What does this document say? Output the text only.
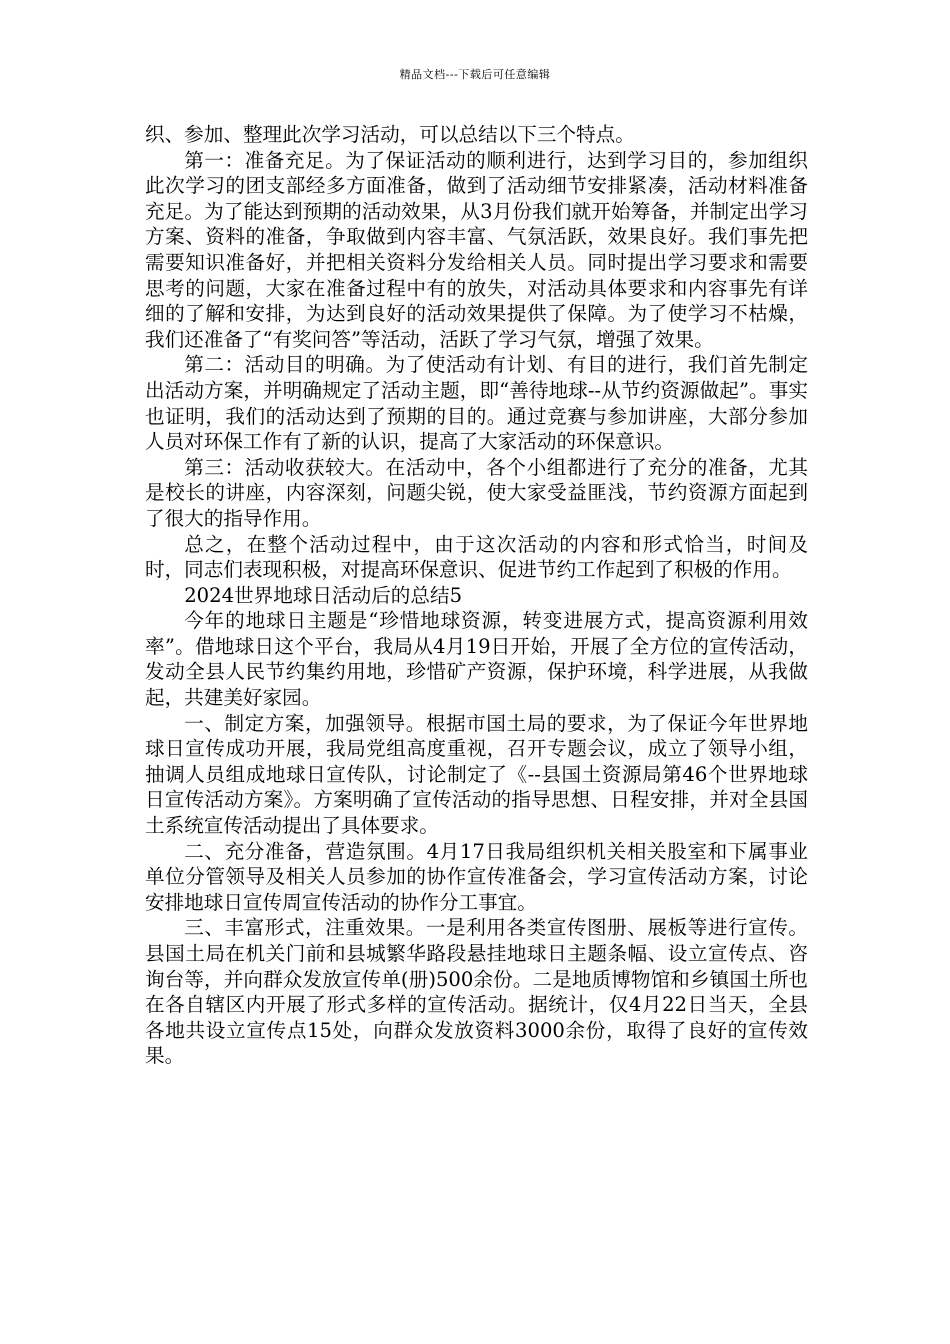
精品文档---下载后可任意编辑

织、参加、整理此次学习活动，可以总结以下三个特点。

第一：准备充足。为了保证活动的顺利进行，达到学习目的，参加组织此次学习的团支部经多方面准备，做到了活动细节安排紧凑，活动材料准备充足。为了能达到预期的活动效果，从3月份我们就开始筹备，并制定出学习方案、资料的准备，争取做到内容丰富、气氛活跃，效果良好。我们事先把需要知识准备好，并把相关资料分发给相关人员。同时提出学习要求和需要思考的问题，大家在准备过程中有的放失，对活动具体要求和内容事先有详细的了解和安排，为达到良好的活动效果提供了保障。为了使学习不枯燥，我们还准备了“有奖问答”等活动，活跃了学习气氛，增强了效果。

第二：活动目的明确。为了使活动有计划、有目的进行，我们首先制定出活动方案，并明确规定了活动主题，即“善待地球--从节约资源做起”。事实也证明，我们的活动达到了预期的目的。通过竞赛与参加讲座，大部分参加人员对环保工作有了新的认识，提高了大家活动的环保意识。

第三：活动收获较大。在活动中，各个小组都进行了充分的准备，尤其是校长的讲座，内容深刻，问题尖锐，使大家受益匪浅，节约资源方面起到了很大的指导作用。

总之，在整个活动过程中，由于这次活动的内容和形式恰当，时间及时，同志们表现积极，对提高环保意识、促进节约工作起到了积极的作用。

2024世界地球日活动后的总结5

今年的地球日主题是“珍惜地球资源，转变进展方式，提高资源利用效率”。借地球日这个平台，我局从4月19日开始，开展了全方位的宣传活动，发动全县人民节约集约用地，珍惜矿产资源，保护环境，科学进展，从我做起，共建美好家园。

一、制定方案，加强领导。根据市国土局的要求，为了保证今年世界地球日宣传成功开展，我局党组高度重视，召开专题会议，成立了领导小组，抽调人员组成地球日宣传队，讨论制定了《--县国土资源局第46个世界地球日宣传活动方案》。方案明确了宣传活动的指导思想、日程安排，并对全县国土系统宣传活动提出了具体要求。

二、充分准备，营造氛围。4月17日我局组织机关相关股室和下属事业单位分管领导及相关人员参加的协作宣传准备会，学习宣传活动方案，讨论安排地球日宣传周宣传活动的协作分工事宜。

三、丰富形式，注重效果。一是利用各类宣传图册、展板等进行宣传。县国土局在机关门前和县城繁华路段悬挂地球日主题条幅、设立宣传点、咨询台等，并向群众发放宣传单(册)500余份。二是地质博物馆和乡镇国土所也在各自辖区内开展了形式多样的宣传活动。据统计，仅4月22日当天，全县各地共设立宣传点15处，向群众发放资料3000余份，取得了良好的宣传效果。
